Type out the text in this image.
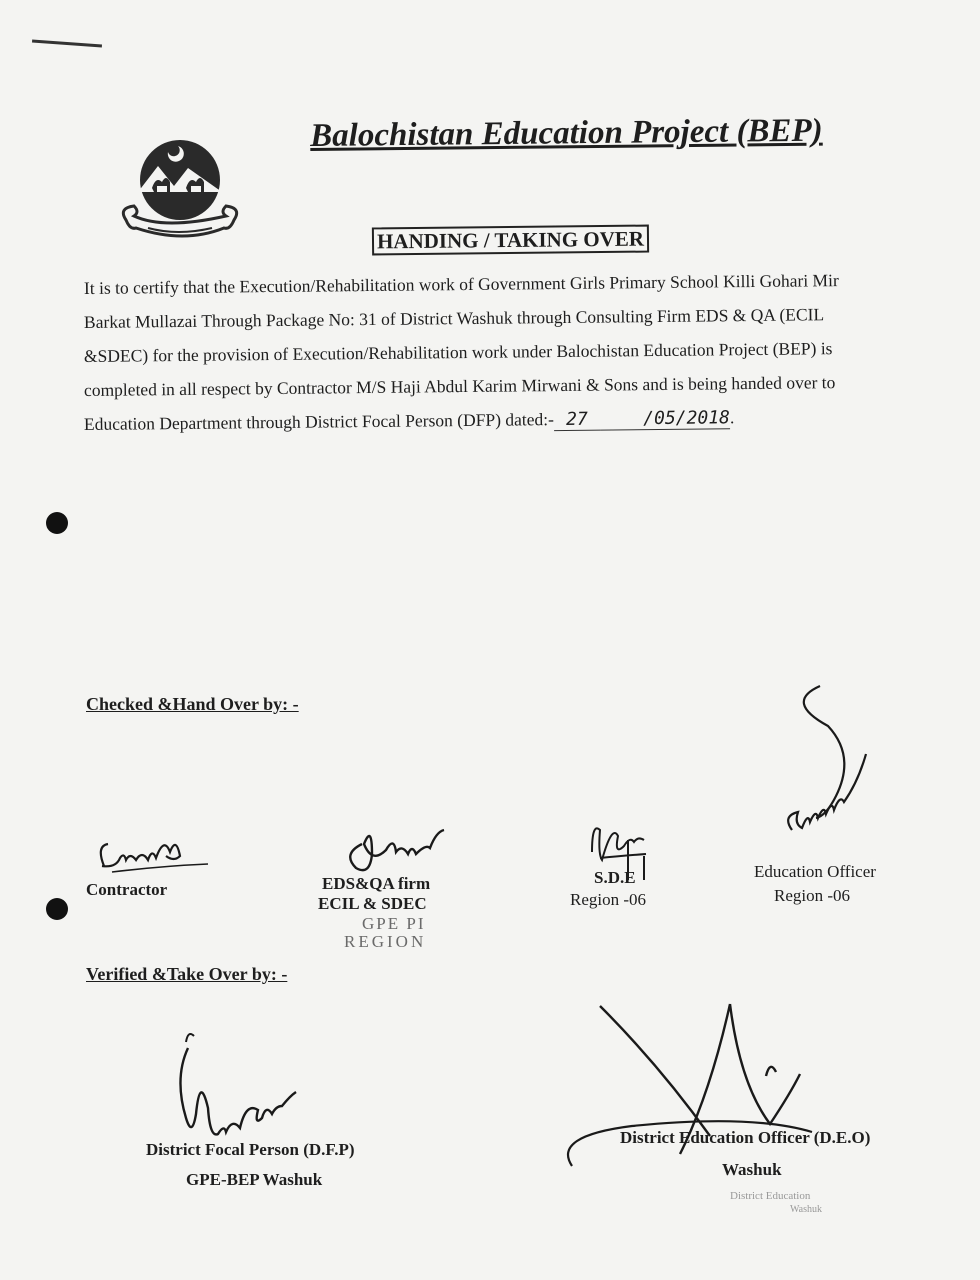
Balochistan Education Project (BEP)
HANDING / TAKING OVER
It is to certify that the Execution/Rehabilitation work of Government Girls Primary School Killi Gohari Mir
Barkat Mullazai Through Package No: 31 of District Washuk through Consulting Firm EDS & QA (ECIL
&SDEC) for the provision of Execution/Rehabilitation work under Balochistan Education Project (BEP) is
completed in all respect by Contractor M/S Haji Abdul Karim Mirwani & Sons and is being handed over to
Education Department through District Focal Person (DFP) dated:- 27	/05/2018.
Checked &Hand Over by: -
Contractor	EDS&QA firm
ECIL & SDEC
GPE PI
REGION
S.D.E
Region -06
Education Officer
Region -06
Verified &Take Over by: -
District Focal Person (D.F.P)
GPE-BEP Washuk
District Education Officer (D.E.O)
Washuk
District Education
Washuk
